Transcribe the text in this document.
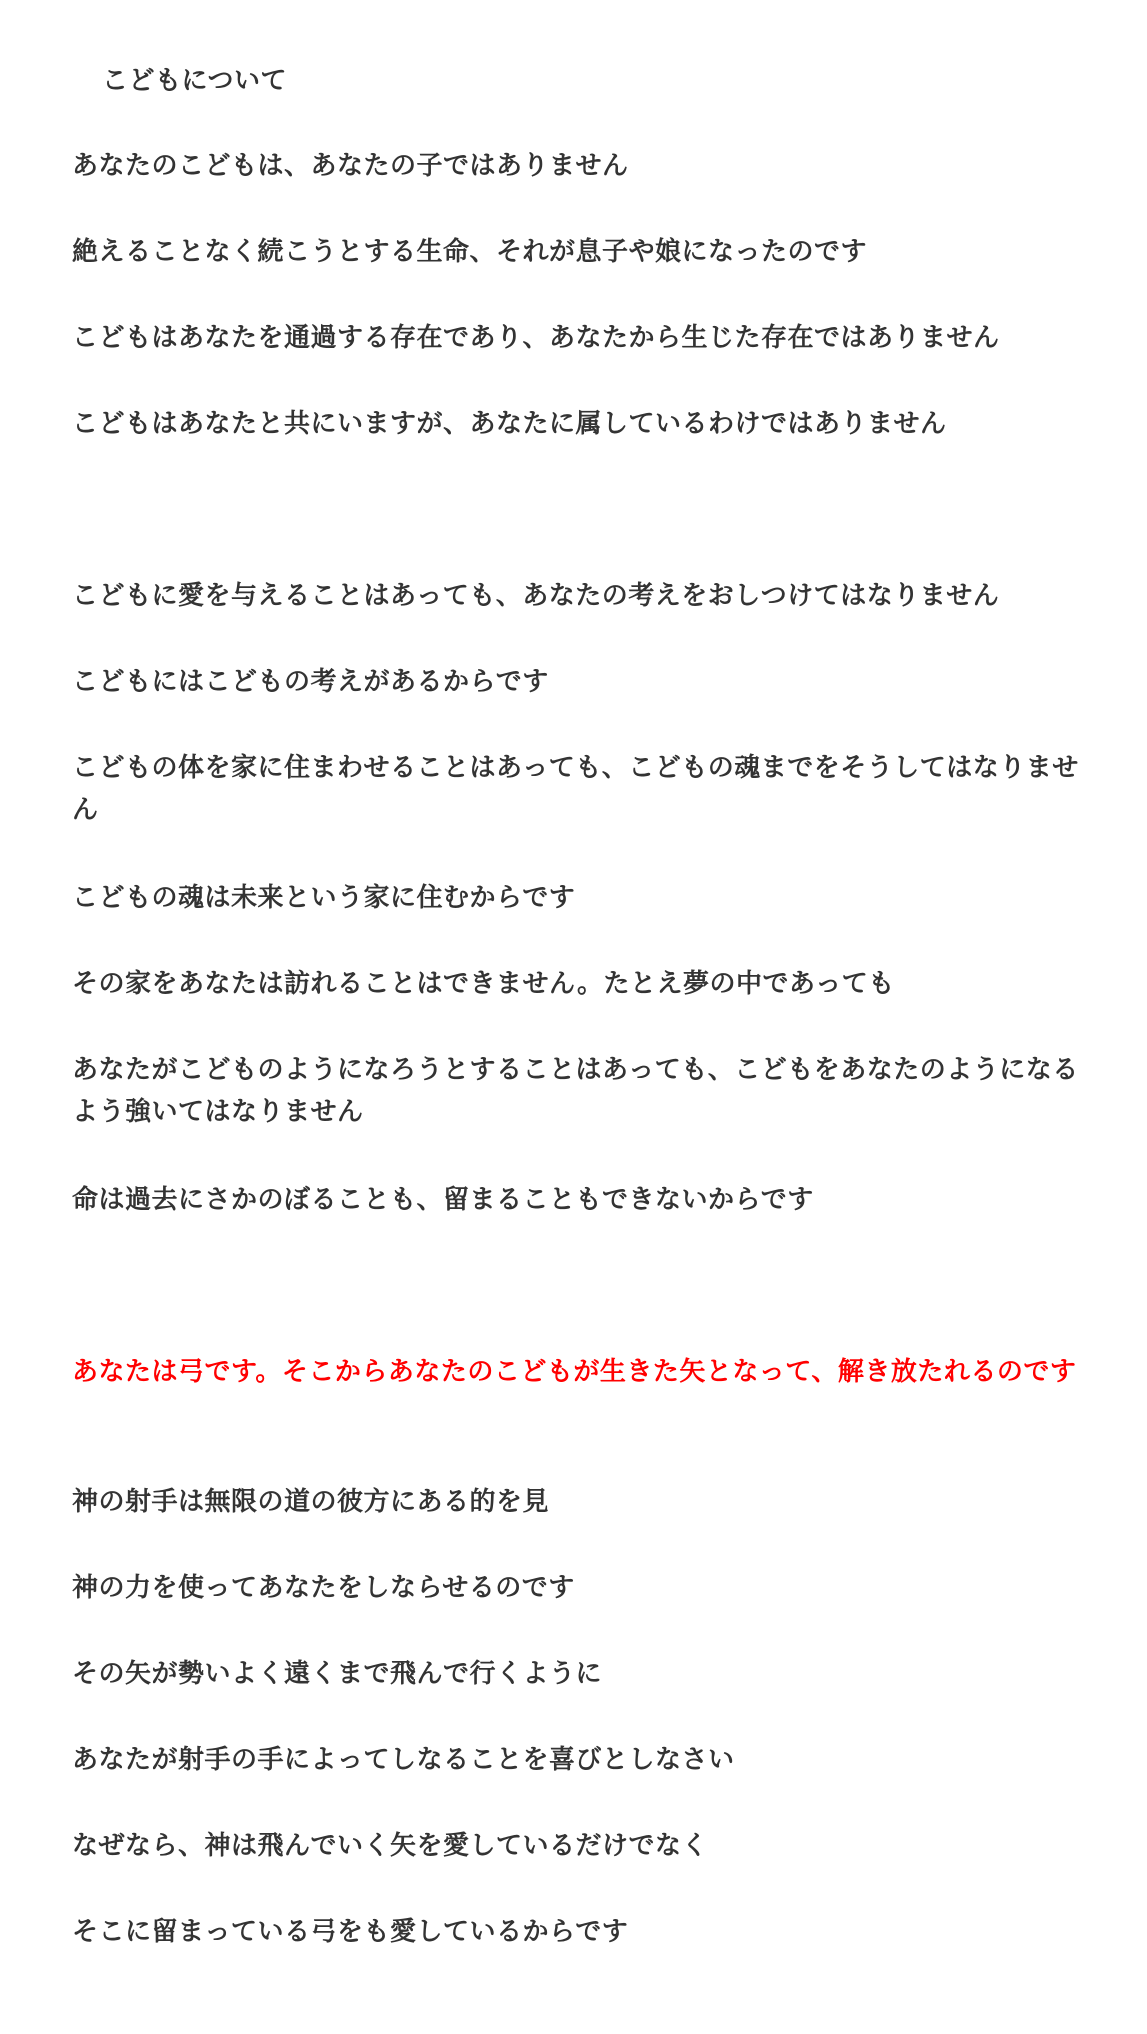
こどもについて
あなたのこどもは、あなたの子ではありません
絶えることなく続こうとする生命、それが息子や娘になったのです
こどもはあなたを通過する存在であり、あなたから生じた存在ではありません
こどもはあなたと共にいますが、あなたに属しているわけではありません
こどもに愛を与えることはあっても、あなたの考えをおしつけてはなりません
こどもにはこどもの考えがあるからです
こどもの体を家に住まわせることはあっても、こどもの魂までをそうしてはなりません
こどもの魂は未来という家に住むからです
その家をあなたは訪れることはできません。たとえ夢の中であっても
あなたがこどものようになろうとすることはあっても、こどもをあなたのようになるよう強いてはなりません
命は過去にさかのぼることも、留まることもできないからです
あなたは弓です。そこからあなたのこどもが生きた矢となって、解き放たれるのです
神の射手は無限の道の彼方にある的を見
神の力を使ってあなたをしならせるのです
その矢が勢いよく遠くまで飛んで行くように
あなたが射手の手によってしなることを喜びとしなさい
なぜなら、神は飛んでいく矢を愛しているだけでなく
そこに留まっている弓をも愛しているからです
